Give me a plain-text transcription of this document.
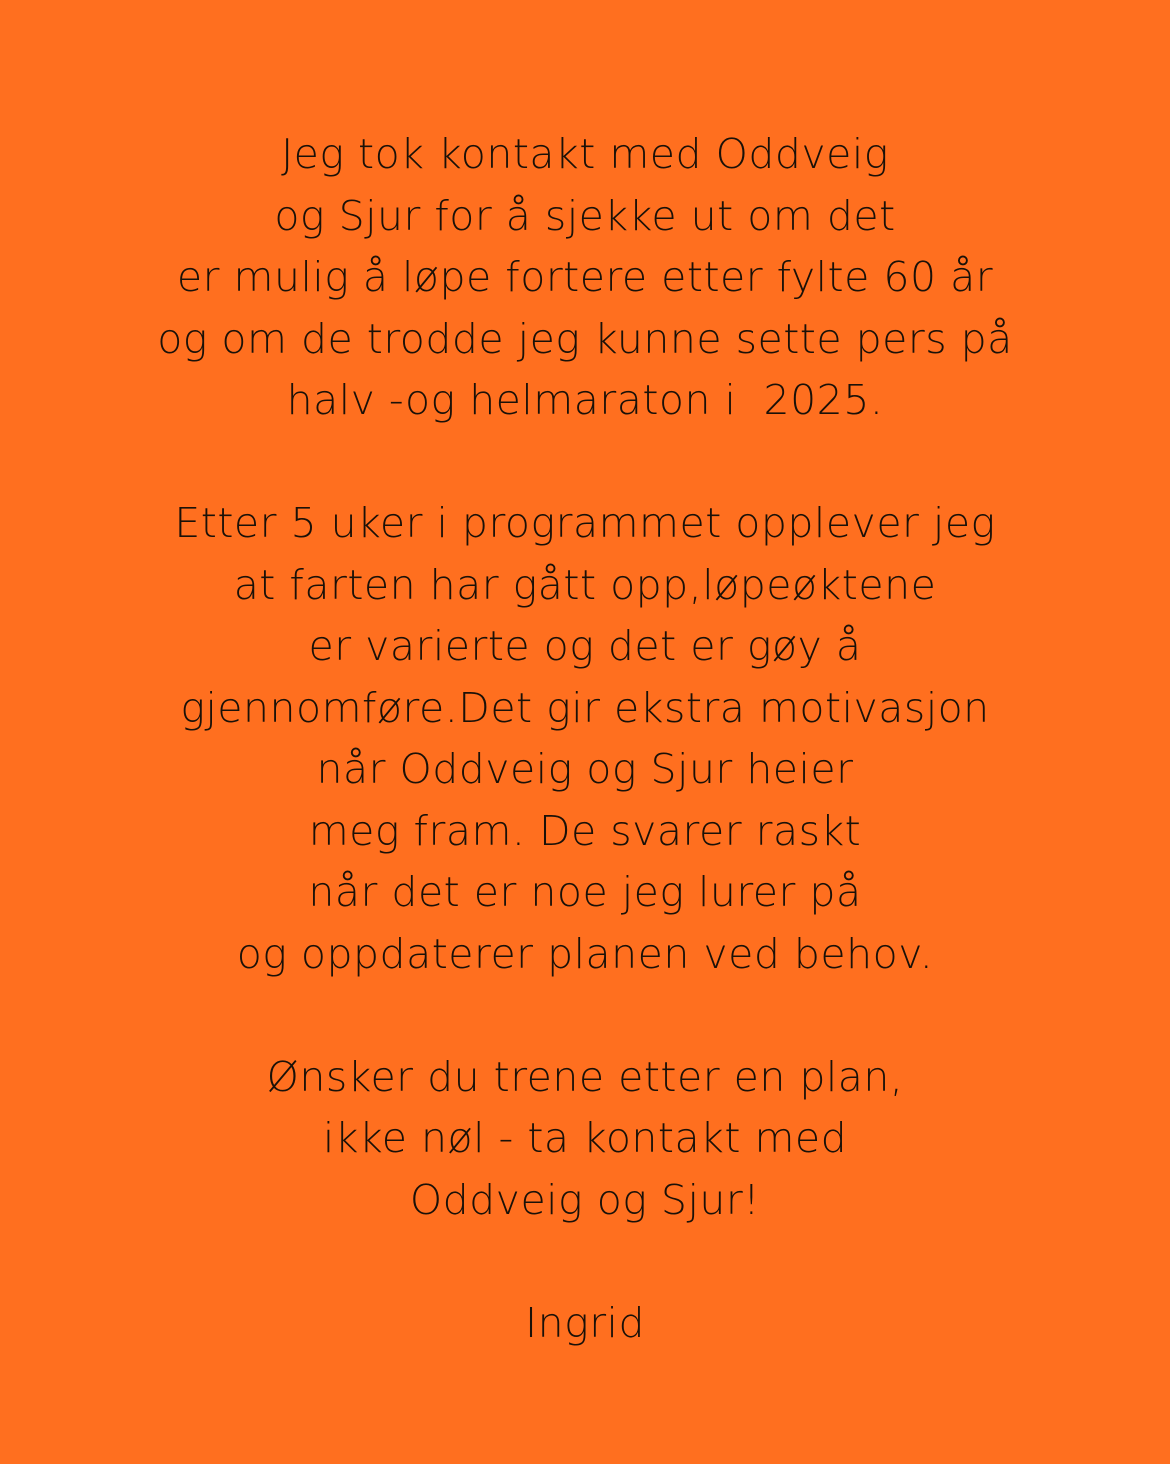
Jeg tok kontakt med Oddveig
og Sjur for å sjekke ut om det
er mulig å løpe fortere etter fylte 60 år
og om de trodde jeg kunne sette pers på
halv -og helmaraton i  2025.

Etter 5 uker i programmet opplever jeg
at farten har gått opp,løpeøktene
er varierte og det er gøy å
gjennomføre.Det gir ekstra motivasjon
når Oddveig og Sjur heier
meg fram. De svarer raskt
når det er noe jeg lurer på
og oppdaterer planen ved behov.

Ønsker du trene etter en plan,
ikke nøl - ta kontakt med
Oddveig og Sjur!

Ingrid
